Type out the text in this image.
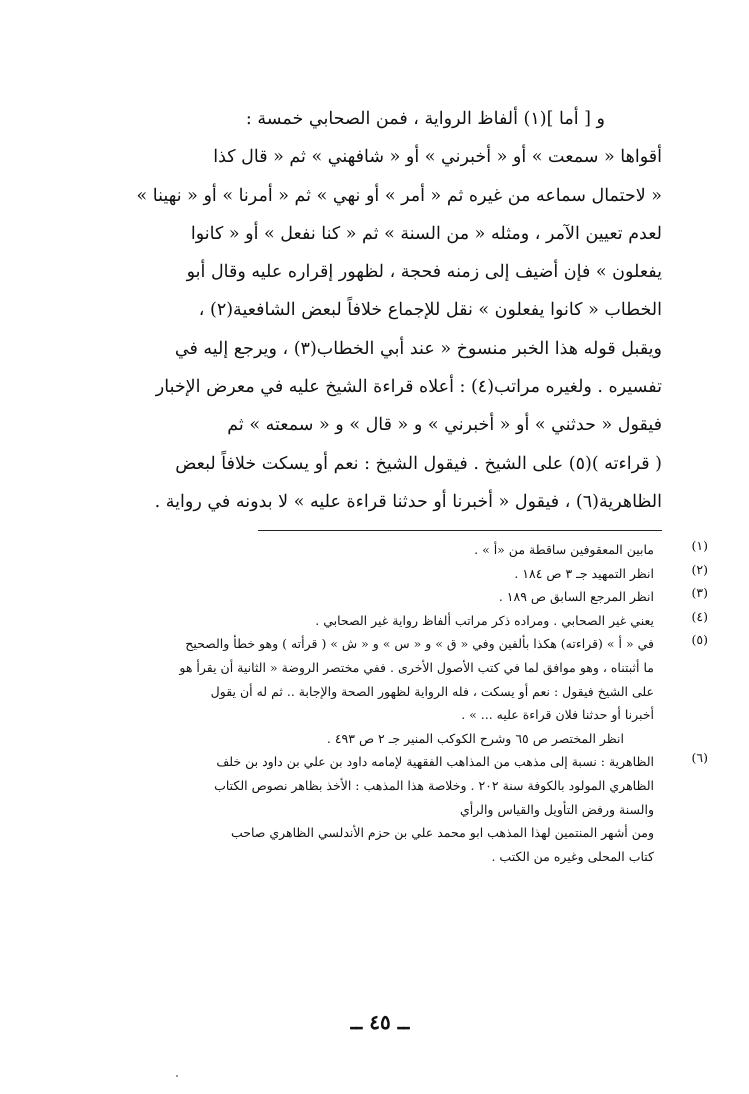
و [ أما ](١) ألفاظ الرواية ، فمن الصحابي خمسة :
أقواها « سمعت » أو « أخبرني » أو « شافهني » ثم « قال كذا
« لاحتمال سماعه من غيره ثم « أمر » أو نهي » ثم « أمرنا » أو « نهينا »
لعدم تعيين الآمر ، ومثله « من السنة » ثم « كنا نفعل » أو « كانوا
يفعلون » فإن أضيف إلى زمنه فحجة ، لظهور إقراره عليه وقال أبو
الخطاب « كانوا يفعلون » نقل للإجماع خلافاً لبعض الشافعية(٢) ،
ويقبل قوله هذا الخبر منسوخ « عند أبي الخطاب(٣) ، ويرجع إليه في
تفسيره . ولغيره مراتب(٤) : أعلاه قراءة الشيخ عليه في معرض الإخبار
فيقول « حدثني » أو « أخبرني » و « قال » و « سمعته » ثم
( قراءته )(٥) على الشيخ . فيقول الشيخ : نعم أو يسكت خلافاً لبعض
الظاهرية(٦) ، فيقول « أخبرنا أو حدثنا قراءة عليه » لا بدونه في رواية .
(١)
مابين المعقوفين ساقطة من «أ » .
(٢)
انظر التمهيد جـ ٣ ص ١٨٤ .
(٣)
انظر المرجع السابق ص ١٨٩ .
(٤)
يعني غير الصحابي . ومراده ذكر مراتب ألفاظ رواية غير الصحابي .
(٥)
في « أ » (قراءته) هكذا بألفين وفي « ق » و « س » و « ش » ( قرأته ) وهو خطأ والصحيح
ما أثبتناه ، وهو موافق لما في كتب الأصول الأخرى . ففي مختصر الروضة « الثانية أن يقرأ هو
على الشيخ فيقول : نعم أو يسكت ، فله الرواية لظهور الصحة والإجابة .. ثم له أن يقول
أخبرنا أو حدثنا فلان قراءة عليه ... » .
انظر المختصر ص ٦٥ وشرح الكوكب المنير جـ ٢ ص ٤٩٣ .
(٦)
الظاهرية : نسبة إلى مذهب من المذاهب الفقهية لإمامه داود بن علي بن داود بن خلف
الظاهري المولود بالكوفة سنة ٢٠٢ . وخلاصة هذا المذهب : الأخذ بظاهر نصوص الكتاب
والسنة ورفض التأويل والقياس والرأي
ومن أشهر المنتمين لهذا المذهب ابو محمد علي بن حزم الأندلسي الظاهري صاحب
كتاب المحلى وغيره من الكتب .
ــ ٤٥ ــ
